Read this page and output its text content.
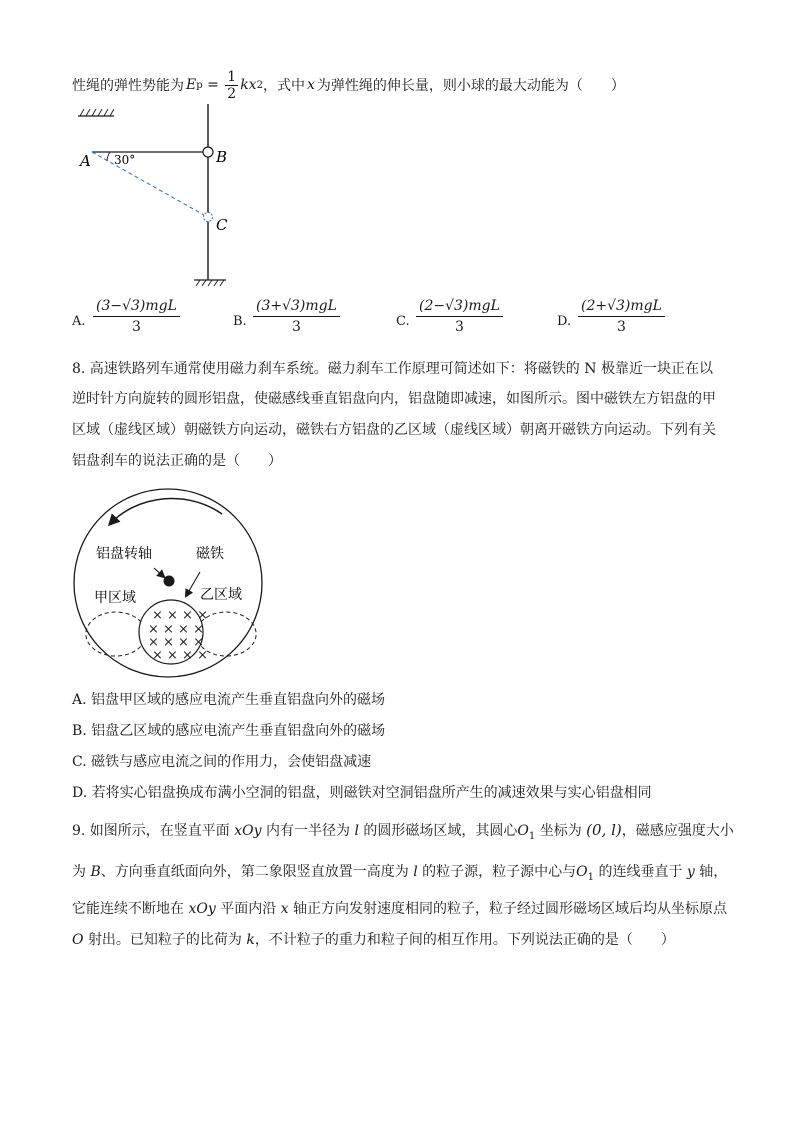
性绳的弹性势能为 E $p = \frac{1}{2}$ kx 2 ，式中 x 为弹性绳的伸长量，则小球的最大动能为（　　）
A	B
C
30°
A.
(3−√3)mgL
3	B.
(3+√3)mgL
3	C.
(2−√3)mgL
3	D.
(2+√3)mgL
3
8. 高速铁路列车通常使用磁力刹车系统。磁力刹车工作原理可简述如下：将磁铁的 N 极靠近一块正在以
逆时针方向旋转的圆形铝盘，使磁感线垂直铝盘向内，铝盘随即减速，如图所示。图中磁铁左方铝盘的甲
区域（虚线区域）朝磁铁方向运动，磁铁右方铝盘的乙区域（虚线区域）朝离开磁铁方向运动。下列有关
铝盘刹车的说法正确的是（　　）
× × × ×
× × × ×
× × × ×
× × × ×
铝盘转轴	磁铁
甲区域	乙区域
A. 铝盘甲区域的感应电流产生垂直铝盘向外的磁场
B. 铝盘乙区域的感应电流产生垂直铝盘向外的磁场
C. 磁铁与感应电流之间的作用力，会使铝盘减速
D. 若将实心铝盘换成布满小空洞的铝盘，则磁铁对空洞铝盘所产生的减速效果与实心铝盘相同
9. 如图所示，在竖直平面 xOy 内有一半径为 l 的圆形磁场区域，其圆心$O_1$ 坐标为 (0, l)，磁感应强度大小
为 B、方向垂直纸面向外，第二象限竖直放置一高度为 l 的粒子源，粒子源中心与$O_1$ 的连线垂直于 y 轴，
它能连续不断地在 xOy 平面内沿 x 轴正方向发射速度相同的粒子，粒子经过圆形磁场区域后均从坐标原点
O 射出。已知粒子的比荷为 k，不计粒子的重力和粒子间的相互作用。下列说法正确的是（　　）
